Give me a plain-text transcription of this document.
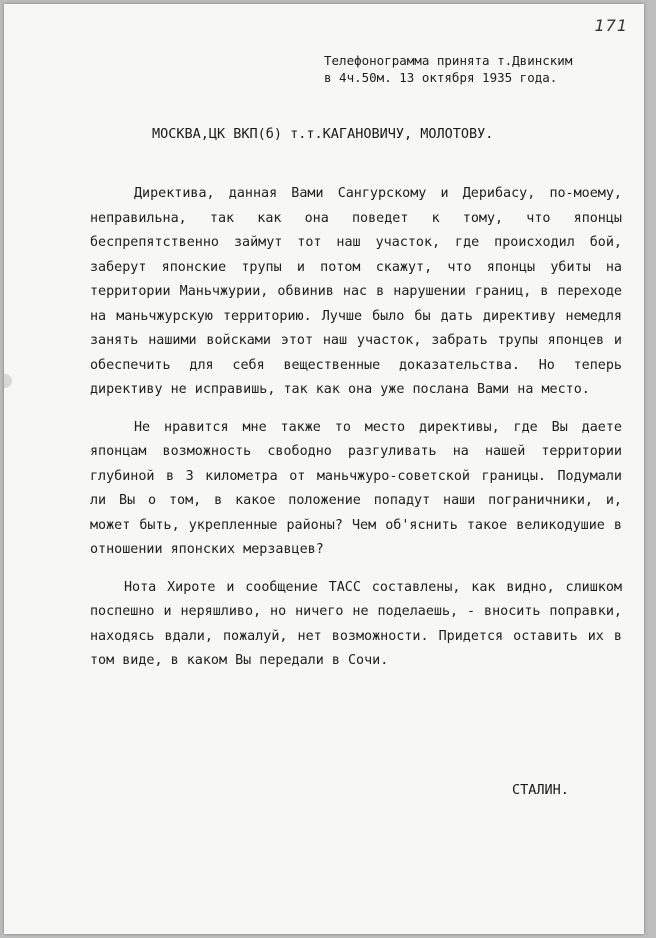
171
Телефонограмма принята т.Двинским
в 4ч.50м. 13 октября 1935 года.
МОСКВА,ЦК ВКП(б) т.т.КАГАНОВИЧУ, МОЛОТОВУ.

Директива, данная Вами Сангурскому и Дерибасу, по-моему, неправильна, так как она поведет к тому, что японцы беспрепятственно займут тот наш участок, где происходил бой, заберут японские трупы и потом скажут, что японцы убиты на территории Маньчжурии, обвинив нас в нарушении границ, в переходе на маньчжурскую территорию. Лучше было бы дать директиву немедля занять нашими войсками этот наш участок, забрать трупы японцев и обеспечить для себя вещественные доказательства. Но теперь директиву не исправишь, так как она уже послана Вами на место.

Не нравится мне также то место директивы, где Вы даете японцам возможность свободно разгуливать на нашей территории глубиной в 3 километра от маньчжуро-советской границы. Подумали ли Вы о том, в какое положение попадут наши пограничники, и, может быть, укрепленные районы? Чем об'яснить такое великодушие в отношении японских мерзавцев?

Нота Хироте и сообщение ТАСС составлены, как видно, слишком поспешно и неряшливо, но ничего не поделаешь, - вносить поправки, находясь вдали, пожалуй, нет возможности. Придется оставить их в том виде, в каком Вы передали в Сочи.

СТАЛИН.
